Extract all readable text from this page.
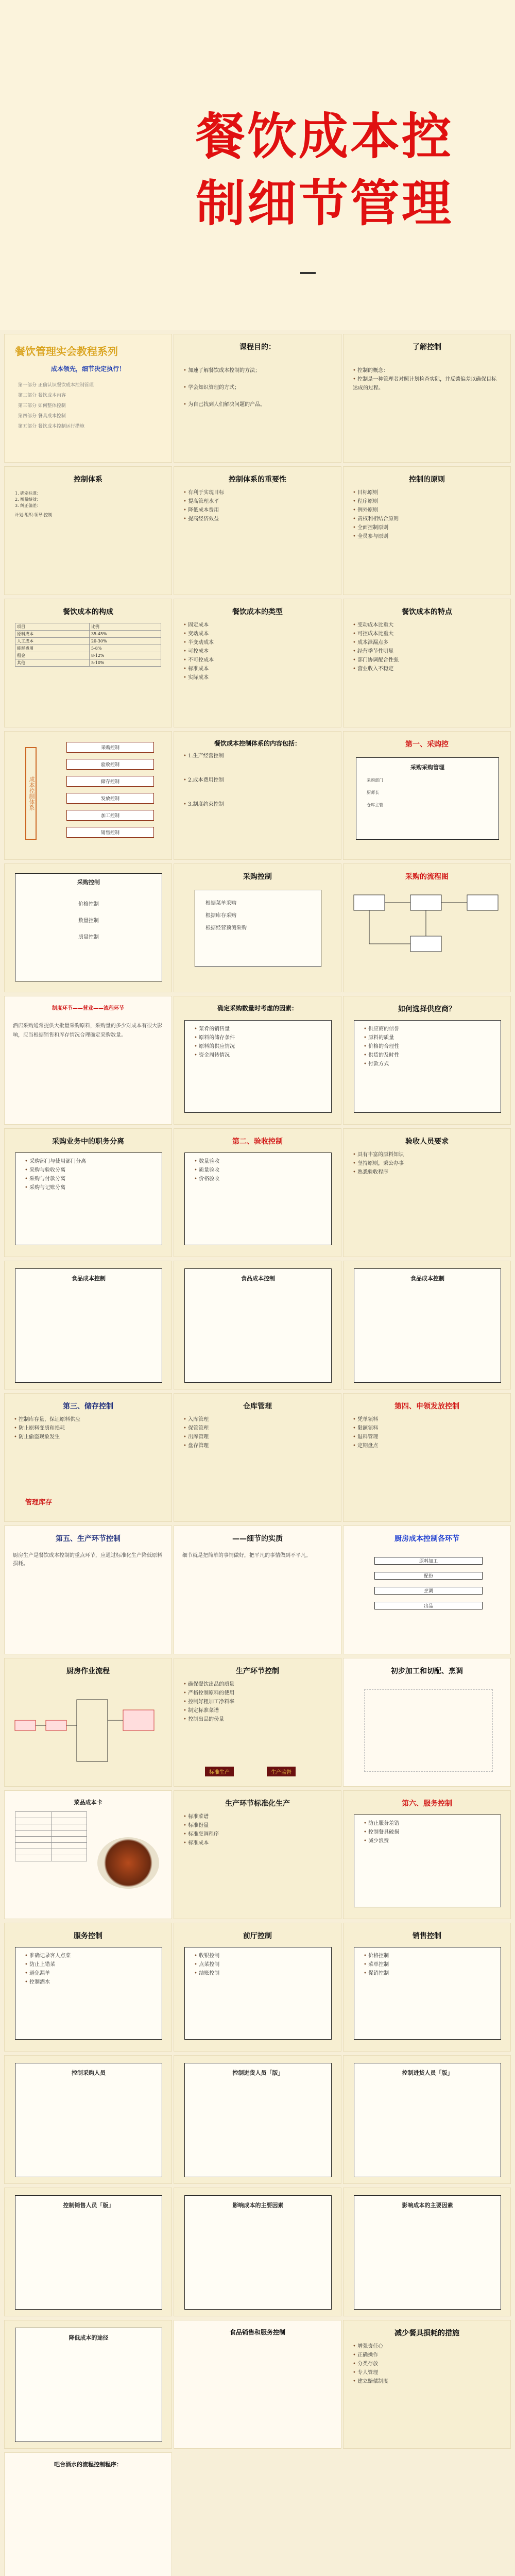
餐饮成本控
制细节管理
餐饮管理实会教程系列
成本领先，细节决定执行！
第一部分 正确认识餐饮成本控制管理
第二部分 餐饮成本内容
第三部分 如何整体控制
第四部分 餐具成本控制
第五部分 餐饮成本控制运行措施
课程目的：
• 加速了解餐饮成本控制的方法；
• 学会知识管理的方式；
• 为自己找到人们解决问题的产品。
了解控制
• 控制的概念：
• 控制是一种管理者对照计划检查实际，并反馈偏差以确保目标达成的过程。
控制体系
1. 确定标准：
2. 衡量绩效：
3. 纠正偏差：
计划-组织-领导-控制
控制体系的重要性
• 有利于实现目标
• 提高管理水平
• 降低成本费用
• 提高经济效益
控制的原则
• 目标原则
• 程序原则
• 例外原则
• 责权利相结合原则
• 全面控制原则
• 全员参与原则
餐饮成本的构成
项目	比例
原料成本	35-45%
人工成本	20-30%
能耗费用	5-8%
租金	8-12%
其他	5-10%
餐饮成本的类型
• 固定成本
• 变动成本
• 半变动成本
• 可控成本
• 不可控成本
• 标准成本
• 实际成本
餐饮成本的特点
• 变动成本比重大
• 可控成本比重大
• 成本泄漏点多
• 经营季节性明显
• 部门协调配合性强
• 营业收入不稳定
成本控制体系
采购控制
验收控制
储存控制
发放控制
加工控制
销售控制
餐饮成本控制体系的内容包括：
• 1.生产经营控制
• 2.成本费用控制
• 3.制度约束控制
第一、采购控
采购采购管理
采购部门
厨师长
仓库主管
采购控制
价格控制
数量控制
质量控制
采购控制
根据菜单采购
根据库存采购
根据经营预测采购
采购的流程图
制度环节——营业——流程环节
酒店采购通常提供大批量采购原料，采购量的多少对成本有很大影响，应当根据销售和库存情况合理确定采购数量。
确定采购数量时考虑的因素：
• 菜肴的销售量
• 原料的储存条件
• 原料的供应情况
• 资金周转情况
如何选择供应商？
• 供应商的信誉
• 原料的质量
• 价格的合理性
• 供货的及时性
• 付款方式
采购业务中的职务分离
• 采购部门与使用部门分离
• 采购与验收分离
• 采购与付款分离
• 采购与记账分离
第二、验收控制
• 数量验收
• 质量验收
• 价格验收
验收人员要求
• 具有丰富的原料知识
• 坚持原则，秉公办事
• 熟悉验收程序
食品成本控制	食品成本控制	食品成本控制
第三、储存控制
• 控制库存量，保证原料供应
• 防止原料变质和损耗
• 防止偷盗现象发生
管理库存
仓库管理
• 入库管理
• 保管管理
• 出库管理
• 盘存管理
第四、申领发放控制
• 凭单领料
• 限额领料
• 退料管理
• 定期盘点
第五、生产环节控制
厨房生产是餐饮成本控制的重点环节，应通过标准化生产降低原料损耗。
——细节的实质
细节就是把简单的事情做好，把平凡的事情做到不平凡。
厨房成本控制各环节
原料加工
配份
烹调
出品
厨房作业流程	生产环节控制
• 确保餐饮出品的质量
• 严格控制原料的使用
• 控制好粗加工净料率
• 制定标准菜谱
• 控制出品的份量
标准生产	生产监督
初步加工和切配、烹调
菜品成本卡

		生产环节标准化生产
• 标准菜谱
• 标准份量
• 标准烹调程序
• 标准成本
第六、服务控制
• 防止服务差错
• 控制餐具破损
• 减少浪费
服务控制
• 准确记录客人点菜
• 防止上错菜
• 避免漏单
• 控制酒水
前厅控制
• 收银控制
• 点菜控制
• 结账控制
销售控制
• 价格控制
• 菜单控制
• 促销控制
控制采购人员	控制进货人员「版」	控制进货人员「版」
控制销售人员「版」	影响成本的主要因素	影响成本的主要因素
降低成本的途径
食品销售和服务控制	减少餐具损耗的措施
• 增强责任心
• 正确操作
• 分类存放
• 专人管理
• 建立赔偿制度
吧台酒水的流程控制程序：
